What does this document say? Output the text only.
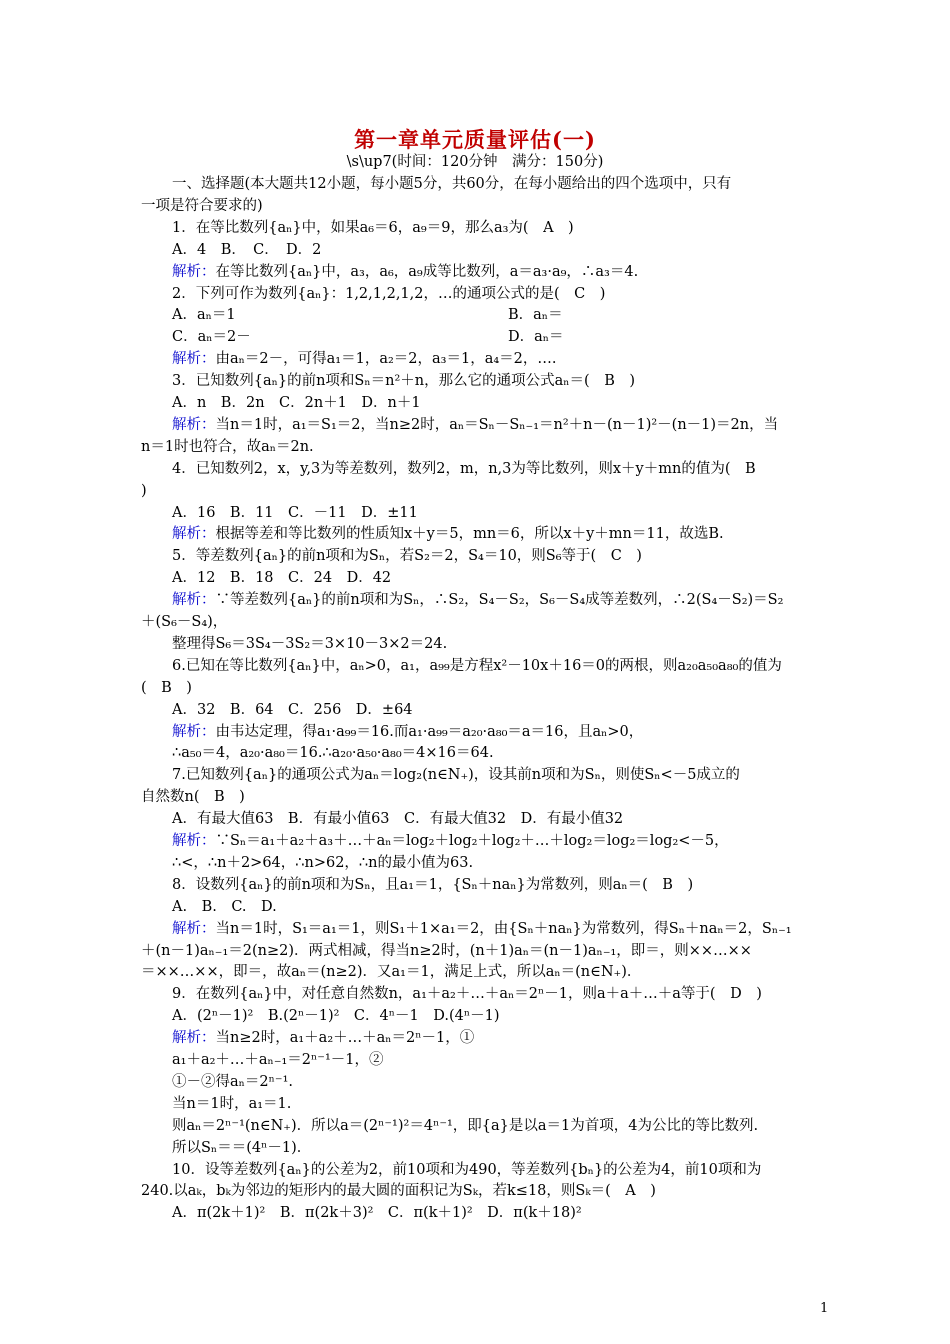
第一章单元质量评估(一)
\s\up7(时间：120分钟　满分：150分)
一、选择题(本大题共12小题，每小题5分，共60分，在每小题给出的四个选项中，只有
一项是符合要求的)
1．在等比数列{aₙ}中，如果a₆＝6，a₉＝9，那么a₃为(　A　)
A．4　B．　C．　D．2
解析：在等比数列{aₙ}中，a₃，a₆，a₉成等比数列，a＝a₃·a₉，∴a₃＝4.
2．下列可作为数列{aₙ}：1,2,1,2,1,2，…的通项公式的是(　C　)
A．aₙ＝1	B．aₙ＝
C．aₙ＝2－	D．aₙ＝
解析：由aₙ＝2－，可得a₁＝1，a₂＝2，a₃＝1，a₄＝2，….
3．已知数列{aₙ}的前n项和Sₙ＝n²＋n，那么它的通项公式aₙ＝(　B　)
A．n　B．2n　C．2n＋1　D．n＋1
解析：当n＝1时，a₁＝S₁＝2，当n≥2时，aₙ＝Sₙ－Sₙ₋₁＝n²＋n－(n－1)²－(n－1)＝2n，当
n＝1时也符合，故aₙ＝2n.
4．已知数列2，x，y,3为等差数列，数列2，m，n,3为等比数列，则x＋y＋mn的值为(　B
)
A．16　B．11　C．－11　D．±11
解析：根据等差和等比数列的性质知x＋y＝5，mn＝6，所以x＋y＋mn＝11，故选B.
5．等差数列{aₙ}的前n项和为Sₙ，若S₂＝2，S₄＝10，则S₆等于(　C　)
A．12　B．18　C．24　D．42
解析：∵等差数列{aₙ}的前n项和为Sₙ，∴S₂，S₄－S₂，S₆－S₄成等差数列，∴2(S₄－S₂)＝S₂
＋(S₆－S₄)，
整理得S₆＝3S₄－3S₂＝3×10－3×2＝24.
6.已知在等比数列{aₙ}中，aₙ>0，a₁，a₉₉是方程x²－10x＋16＝0的两根，则a₂₀a₅₀a₈₀的值为
(　B　)
A．32　B．64　C．256　D．±64
解析：由韦达定理，得a₁·a₉₉＝16.而a₁·a₉₉＝a₂₀·a₈₀＝a＝16，且aₙ>0，
∴a₅₀＝4，a₂₀·a₈₀＝16.∴a₂₀·a₅₀·a₈₀＝4×16＝64.
7.已知数列{aₙ}的通项公式为aₙ＝log₂(n∈N₊)，设其前n项和为Sₙ，则使Sₙ<－5成立的
自然数n(　B　)
A．有最大值63　B．有最小值63　C．有最大值32　D．有最小值32
解析：∵Sₙ＝a₁＋a₂＋a₃＋…＋aₙ＝log₂＋log₂＋log₂＋…＋log₂＝log₂＝log₂<－5，
∴<，∴n＋2>64，∴n>62，∴n的最小值为63.
8．设数列{aₙ}的前n项和为Sₙ，且a₁＝1，{Sₙ＋naₙ}为常数列，则aₙ＝(　B　)
A.　B.　C.　D.
解析：当n＝1时，S₁＝a₁＝1，则S₁＋1×a₁＝2，由{Sₙ＋naₙ}为常数列，得Sₙ＋naₙ＝2，Sₙ₋₁
＋(n－1)aₙ₋₁＝2(n≥2)．两式相减，得当n≥2时，(n＋1)aₙ＝(n－1)aₙ₋₁，即＝，则××…××
＝××…××，即＝，故aₙ＝(n≥2)．又a₁＝1，满足上式，所以aₙ＝(n∈N₊)．
9．在数列{aₙ}中，对任意自然数n，a₁＋a₂＋…＋aₙ＝2ⁿ－1，则a＋a＋…＋a等于(　D　)
A．(2ⁿ－1)²　B.(2ⁿ－1)²　C．4ⁿ－1　D.(4ⁿ－1)
解析：当n≥2时，a₁＋a₂＋…＋aₙ＝2ⁿ－1，①
a₁＋a₂＋…＋aₙ₋₁＝2ⁿ⁻¹－1，②
①－②得aₙ＝2ⁿ⁻¹.
当n＝1时，a₁＝1.
则aₙ＝2ⁿ⁻¹(n∈N₊)．所以a＝(2ⁿ⁻¹)²＝4ⁿ⁻¹，即{a}是以a＝1为首项，4为公比的等比数列.
所以Sₙ＝＝(4ⁿ－1)．
10．设等差数列{aₙ}的公差为2，前10项和为490，等差数列{bₙ}的公差为4，前10项和为
240.以aₖ，bₖ为邻边的矩形内的最大圆的面积记为Sₖ，若k≤18，则Sₖ＝(　A　)
A．π(2k＋1)²　B．π(2k＋3)²　C．π(k＋1)²　D．π(k＋18)²
1
